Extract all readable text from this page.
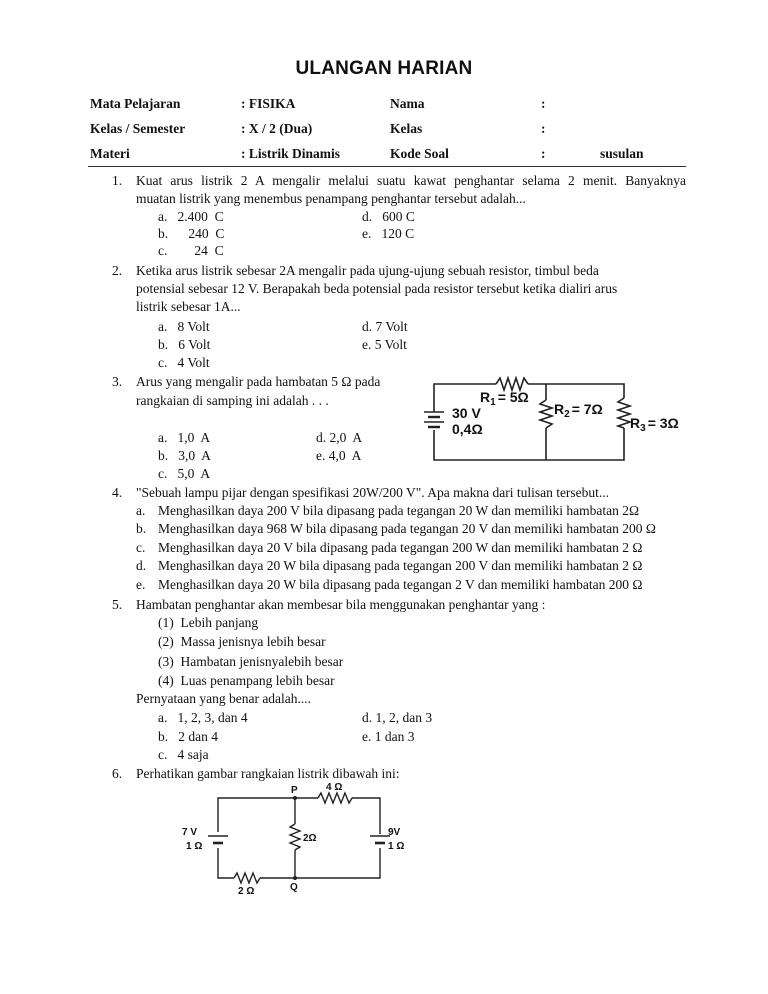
ULANGAN HARIAN
Mata Pelajaran	: FISIKA	Nama	:
Kelas / Semester	: X / 2 (Dua)	Kelas	:
Materi	: Listrik Dinamis	Kode Soal	:	susulan
1. Kuat arus listrik 2 A mengalir melalui suatu kawat penghantar selama 2 menit. Banyaknya
muatan listrik yang menembus penampang penghantar tersebut adalah...
a.   2.400  C
b.      240  C
c.        24  C
d.   600 C
e.   120 C
2. Ketika arus listrik sebesar 2A mengalir pada ujung-ujung sebuah resistor, timbul beda
potensial sebesar 12 V. Berapakah beda potensial pada resistor tersebut ketika dialiri arus
listrik sebesar 1A...
a.   8 Volt
b.   6 Volt
c.   4 Volt
d. 7 Volt
e. 5 Volt
3. Arus yang mengalir pada hambatan 5 Ω pada
rangkaian di samping ini adalah . . .
a.   1,0  A
b.   3,0  A
c.   5,0  A
d. 2,0  A
e. 4,0  A
$R_1 = 5\Omega$
$R_2 = 7\Omega$
$R_3 = 3\Omega$
30 V
0,4Ω
4. "Sebuah lampu pijar dengan spesifikasi 20W/200 V". Apa makna dari tulisan tersebut...
a. Menghasilkan daya 200 V bila dipasang pada tegangan 20 W dan memiliki hambatan 2Ω
b. Menghasilkan daya 968 W bila dipasang pada tegangan 20 V dan memiliki hambatan 200 Ω
c. Menghasilkan daya 20 V bila dipasang pada tegangan 200 W dan memiliki hambatan 2 Ω
d. Menghasilkan daya 20 W bila dipasang pada tegangan 200 V dan memiliki hambatan 2 Ω
e. Menghasilkan daya 20 W bila dipasang pada tegangan 2 V dan memiliki hambatan 200 Ω
5. Hambatan penghantar akan membesar bila menggunakan penghantar yang :
(1)  Lebih panjang
(2)  Massa jenisnya lebih besar
(3)  Hambatan jenisnyalebih besar
(4)  Luas penampang lebih besar
Pernyataan yang benar adalah....
a.   1, 2, 3, dan 4
b.   2 dan 4
c.   4 saja
d. 1, 2, dan 3
e. 1 dan 3
6. Perhatikan gambar rangkaian listrik dibawah ini:
P
Q
4 Ω
2Ω
2 Ω
7 V
1 Ω
9V
1 Ω
